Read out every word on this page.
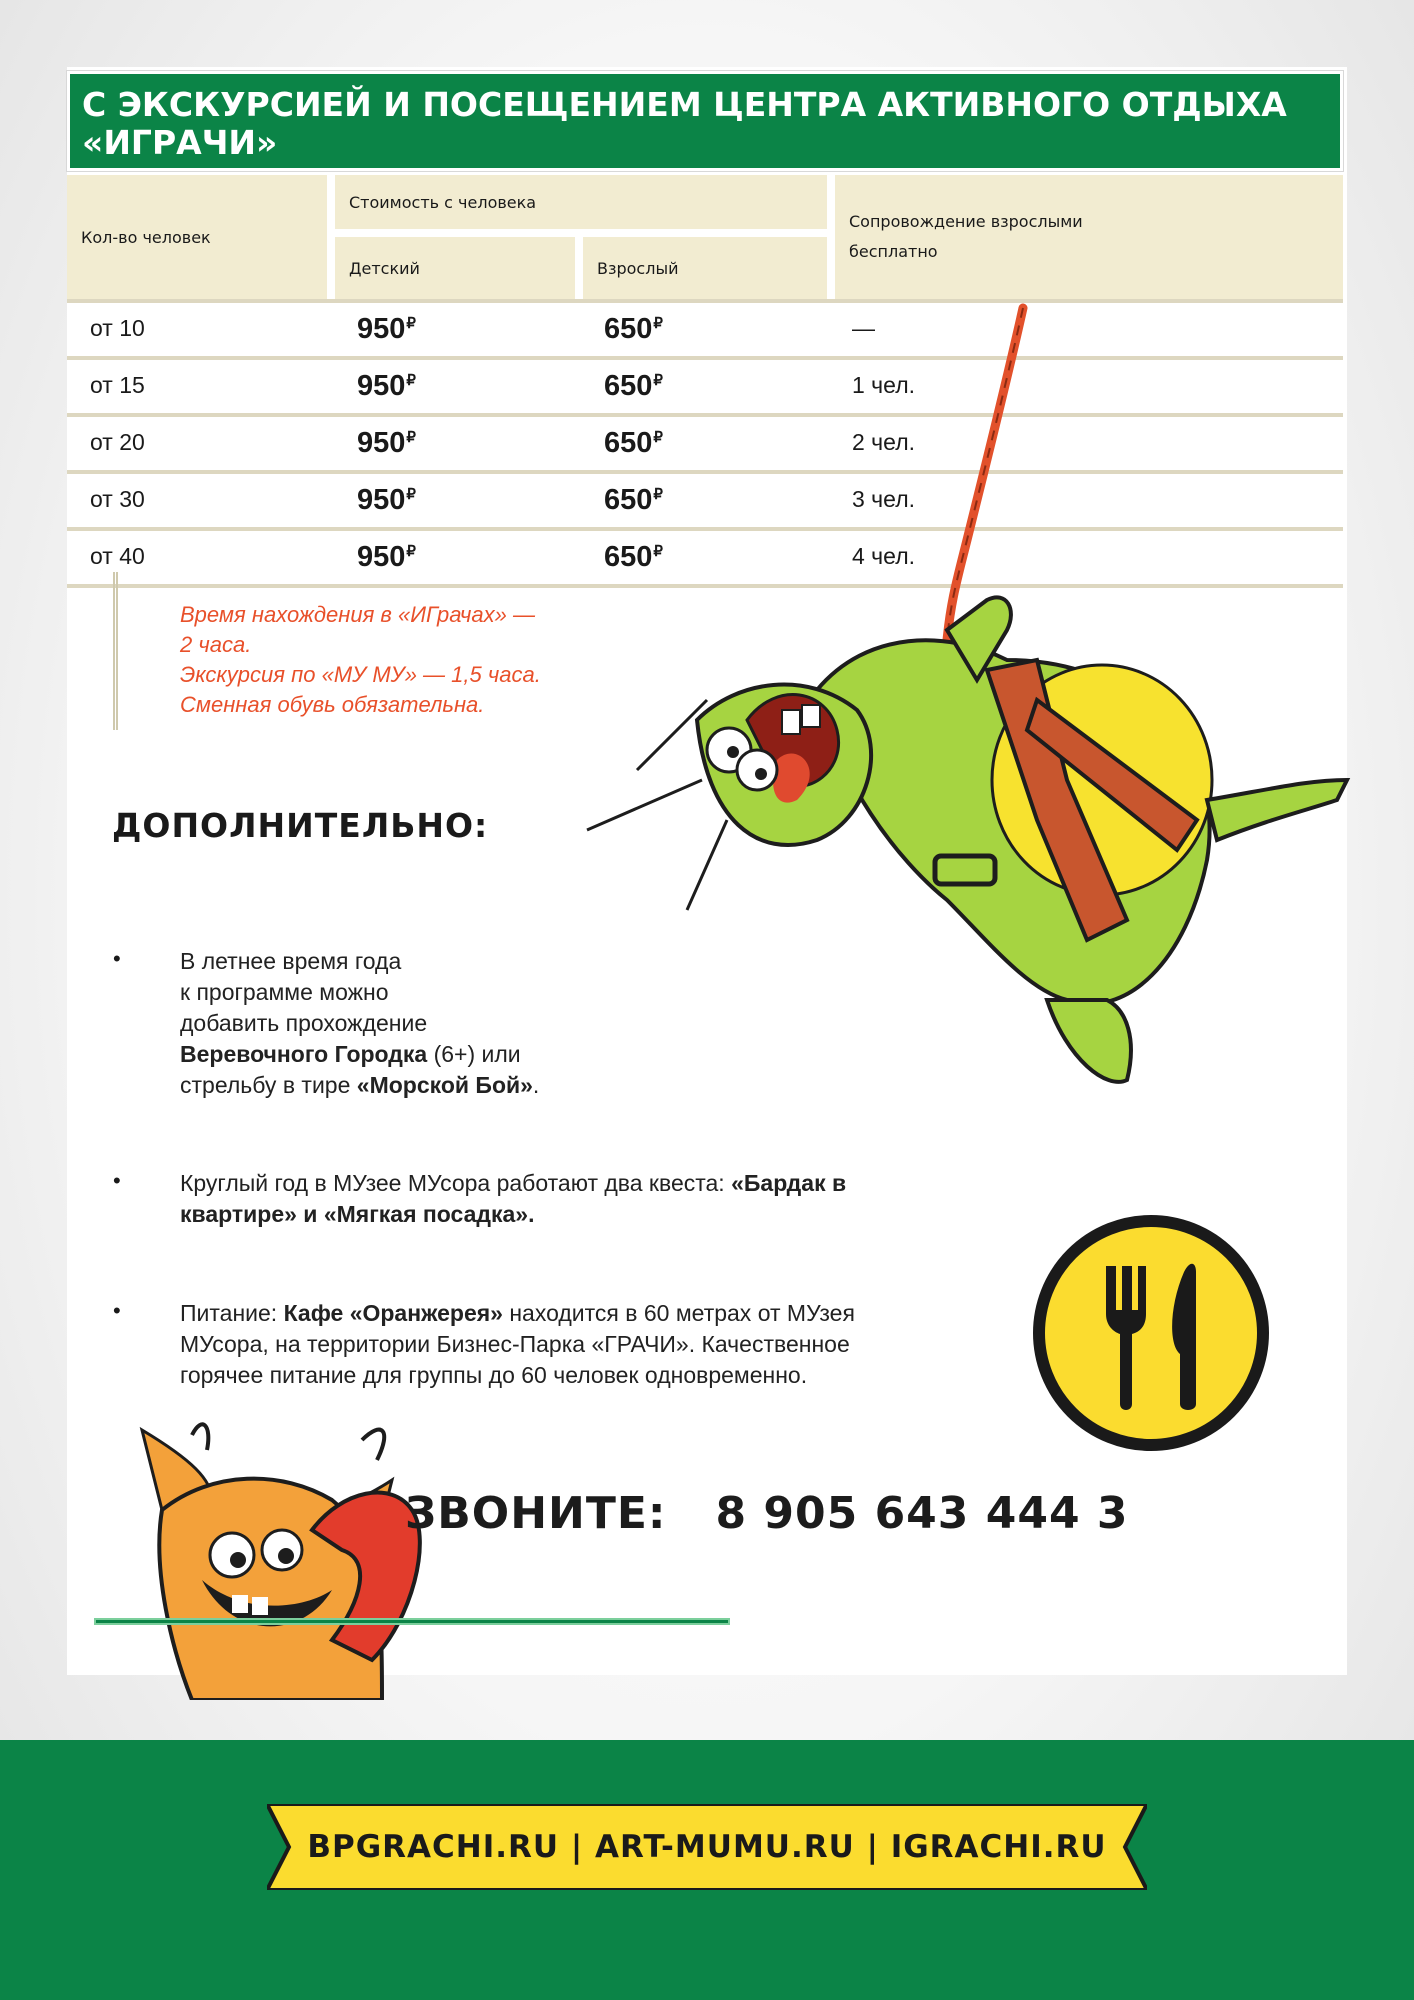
С ЭКСКУРСИЕЙ И ПОСЕЩЕНИЕМ ЦЕНТРА АКТИВНОГО ОТДЫХА «ИГРАЧИ»
Кол-во человек
Стоимость с человека
Детский	Взрослый
Сопровождение взрослыми бесплатно
от 10	950₽	650₽	—
от 15	950₽	650₽	1 чел.
от 20	950₽	650₽	2 чел.
от 30	950₽	650₽	3 чел.
от 40	950₽	650₽	4 чел.

Время нахождения в «ИГрачах» —

2 часа.

Экскурсия по «МУ МУ» — 1,5 часа.

Сменная обувь обязательна.

ДОПОЛНИТЕЛЬНО:
•	В летнее время года
к программе можно
добавить прохождение
Веревочного Городка (6+) или
стрельбу в тире «Морской Бой».
•	Круглый год в МУзее МУсора работают два квеста: «Бардак в
квартире» и «Мягкая посадка».
•	Питание: Кафе «Оранжерея» находится в 60 метрах от МУзея
МУсора, на территории Бизнес-Парка «ГРАЧИ». Качественное
горячее питание для группы до 60 человек одновременно.
ЗВОНИТЕ:   8 905 643 444 3
BPGRACHI.RU | ART-MUMU.RU | IGRACHI.RU
